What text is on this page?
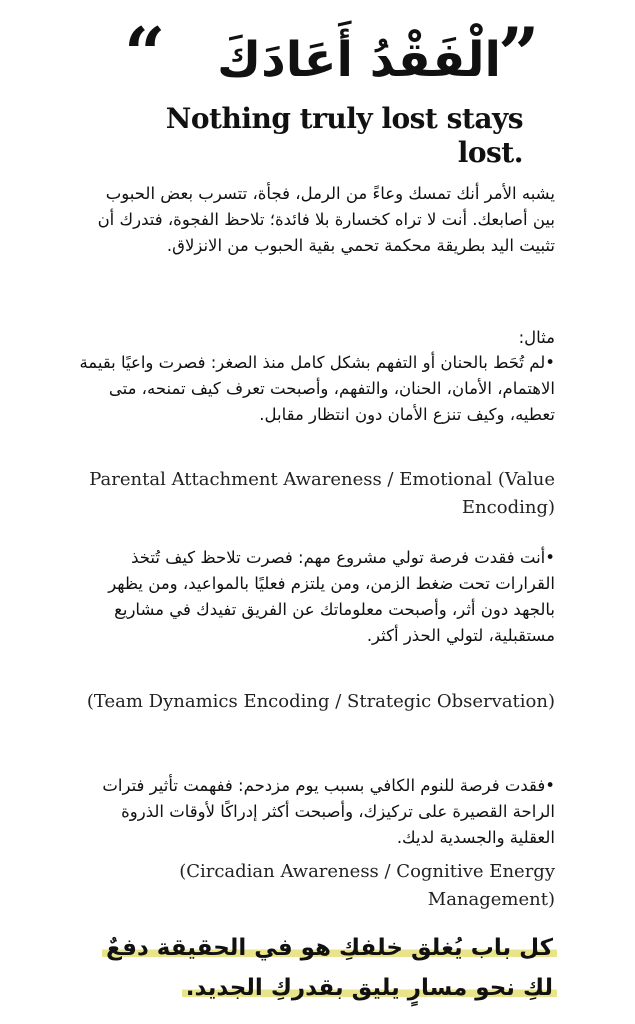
“ الْفَقْدُ أَعَادَكَ
”
Nothing truly lost stays lost.
يشبه الأمر أنك تمسك وعاءً من الرمل، فجأة، تتسرب بعض الحبوب بين أصابعك. أنت لا تراه كخسارة بلا فائدة؛ تلاحظ الفجوة، فتدرك أن تثبيت اليد بطريقة محكمة تحمي بقية الحبوب من الانزلاق.
مثال:
•لم تُحَط بالحنان أو التفهم بشكل كامل منذ الصغر: فصرت واعيًا بقيمة الاهتمام، الأمان، الحنان، والتفهم، وأصبحت تعرف كيف تمنحه، متى تعطيه، وكيف تنزع الأمان دون انتظار مقابل.
Parental Attachment Awareness / Emotional (Value Encoding)
•أنت فقدت فرصة تولي مشروع مهم: فصرت تلاحظ كيف تُتخذ القرارات تحت ضغط الزمن، ومن يلتزم فعليًا بالمواعيد، ومن يظهر بالجهد دون أثر، وأصبحت معلوماتك عن الفريق تفيدك في مشاريع مستقبلية، لتولي الحذر أكثر.
(Team Dynamics Encoding / Strategic Observation)
•فقدت فرصة للنوم الكافي بسبب يوم مزدحم: ففهمت تأثير فترات الراحة القصيرة على تركيزك، وأصبحت أكثر إدراكًا لأوقات الذروة العقلية والجسدية لديك.
(Circadian Awareness / Cognitive Energy Management)
كل باب يُغلق خلفكِ هو في الحقيقة دفعٌ
لكِ نحو مسارٍ يليق بقدركِ الجديد.
